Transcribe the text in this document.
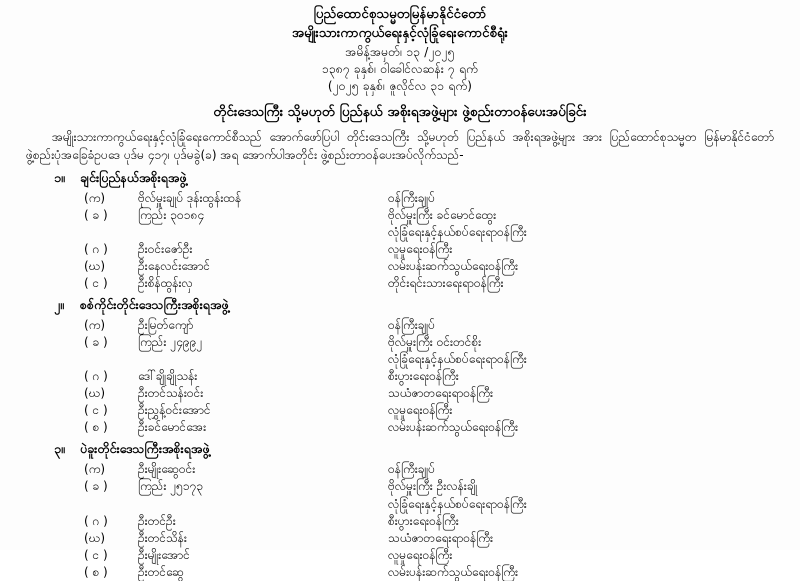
ပြည်ထောင်စုသမ္မတမြန်မာနိုင်ငံတော်
အမျိုးသားကာကွယ်ရေးနှင့်လုံခြုံရေးကောင်စီရုံး
အမိန့်အမှတ်၊ ၁၃ /၂၀၂၅
၁၃၈၇ ခုနှစ်၊ ဝါခေါင်လဆန်း ၇ ရက်
(၂၀၂၅ ခုနှစ်၊ ဇူလိုင်လ ၃၁ ရက်)
တိုင်းဒေသကြီး သို့မဟုတ် ပြည်နယ် အစိုးရအဖွဲ့များ ဖွဲ့စည်းတာဝန်ပေးအပ်ခြင်း

အမျိုးသားကာကွယ်ရေးနှင့်လုံခြုံရေးကောင်စီသည် အောက်ဖော်ပြပါ တိုင်းဒေသကြီး သို့မဟုတ် ပြည်နယ် အစိုးရအဖွဲ့များ အား ပြည်ထောင်စုသမ္မတ မြန်မာနိုင်ငံတော် ဖွဲ့စည်းပုံအခြေခံဥပဒေ ပုဒ်မ ၄၁၇၊ ပုဒ်မခွဲ(ခ) အရ အောက်ပါအတိုင်း ဖွဲ့စည်းတာဝန်ပေးအပ်လိုက်သည်-

၁။ ချင်းပြည်နယ်အစိုးရအဖွဲ့
(က)	ဗိုလ်မှူးချုပ် ဒုန်းထွန်းထန်	ဝန်ကြီးချုပ်
( ခ )	ကြည်း ၃၀၁၈၄	ဗိုလ်မှူးကြီး ခင်မောင်ထွေး
လုံခြုံရေးနှင့်နယ်စပ်ရေးရာဝန်ကြီး
( ဂ )	ဦးဝင်းဇော်ဦး	လူမှုရေးဝန်ကြီး
(ဃ)	ဦးနေလင်းအောင်	လမ်းပန်းဆက်သွယ်ရေးဝန်ကြီး
( င )	ဦးစိန်ထွန်းလှ	တိုင်းရင်းသားရေးရာဝန်ကြီး
၂။ စစ်ကိုင်းတိုင်းဒေသကြီးအစိုးရအဖွဲ့
(က)	ဦးမြတ်ကျော်	ဝန်ကြီးချုပ်
( ခ )	ကြည်း ၂၄၉၉၂	ဗိုလ်မှူးကြီး ဝင်းတင်စိုး
လုံခြုံရေးနှင့်နယ်စပ်ရေးရာဝန်ကြီး
( ဂ )	ဒေါ်ချိုချိုသန်း	စီးပွားရေးဝန်ကြီး
(ဃ)	ဦးတင်သန်းဝင်း	သယံဇာတရေးရာဝန်ကြီး
( င )	ဦးညွှန့်ဝင်းအောင်	လူမှုရေးဝန်ကြီး
( စ )	ဦးခင်မောင်အေး	လမ်းပန်းဆက်သွယ်ရေးဝန်ကြီး
၃။ ပဲခူးတိုင်းဒေသကြီးအစိုးရအဖွဲ့
(က)	ဦးမျိုးဆွေဝင်း	ဝန်ကြီးချုပ်
( ခ )	ကြည်း ၂၅၁၇၃	ဗိုလ်မှူးကြီး ဦးလန်းချို
လုံခြုံရေးနှင့်နယ်စပ်ရေးရာဝန်ကြီး
( ဂ )	ဦးတင်ဦး	စီးပွားရေးဝန်ကြီး
(ဃ)	ဦးတင်သိန်း	သယံဇာတရေးရာဝန်ကြီး
( င )	ဦးမျိုးအောင်	လူမှုရေးဝန်ကြီး
( စ )	ဦးတင်ဆွေ	လမ်းပန်းဆက်သွယ်ရေးဝန်ကြီး
